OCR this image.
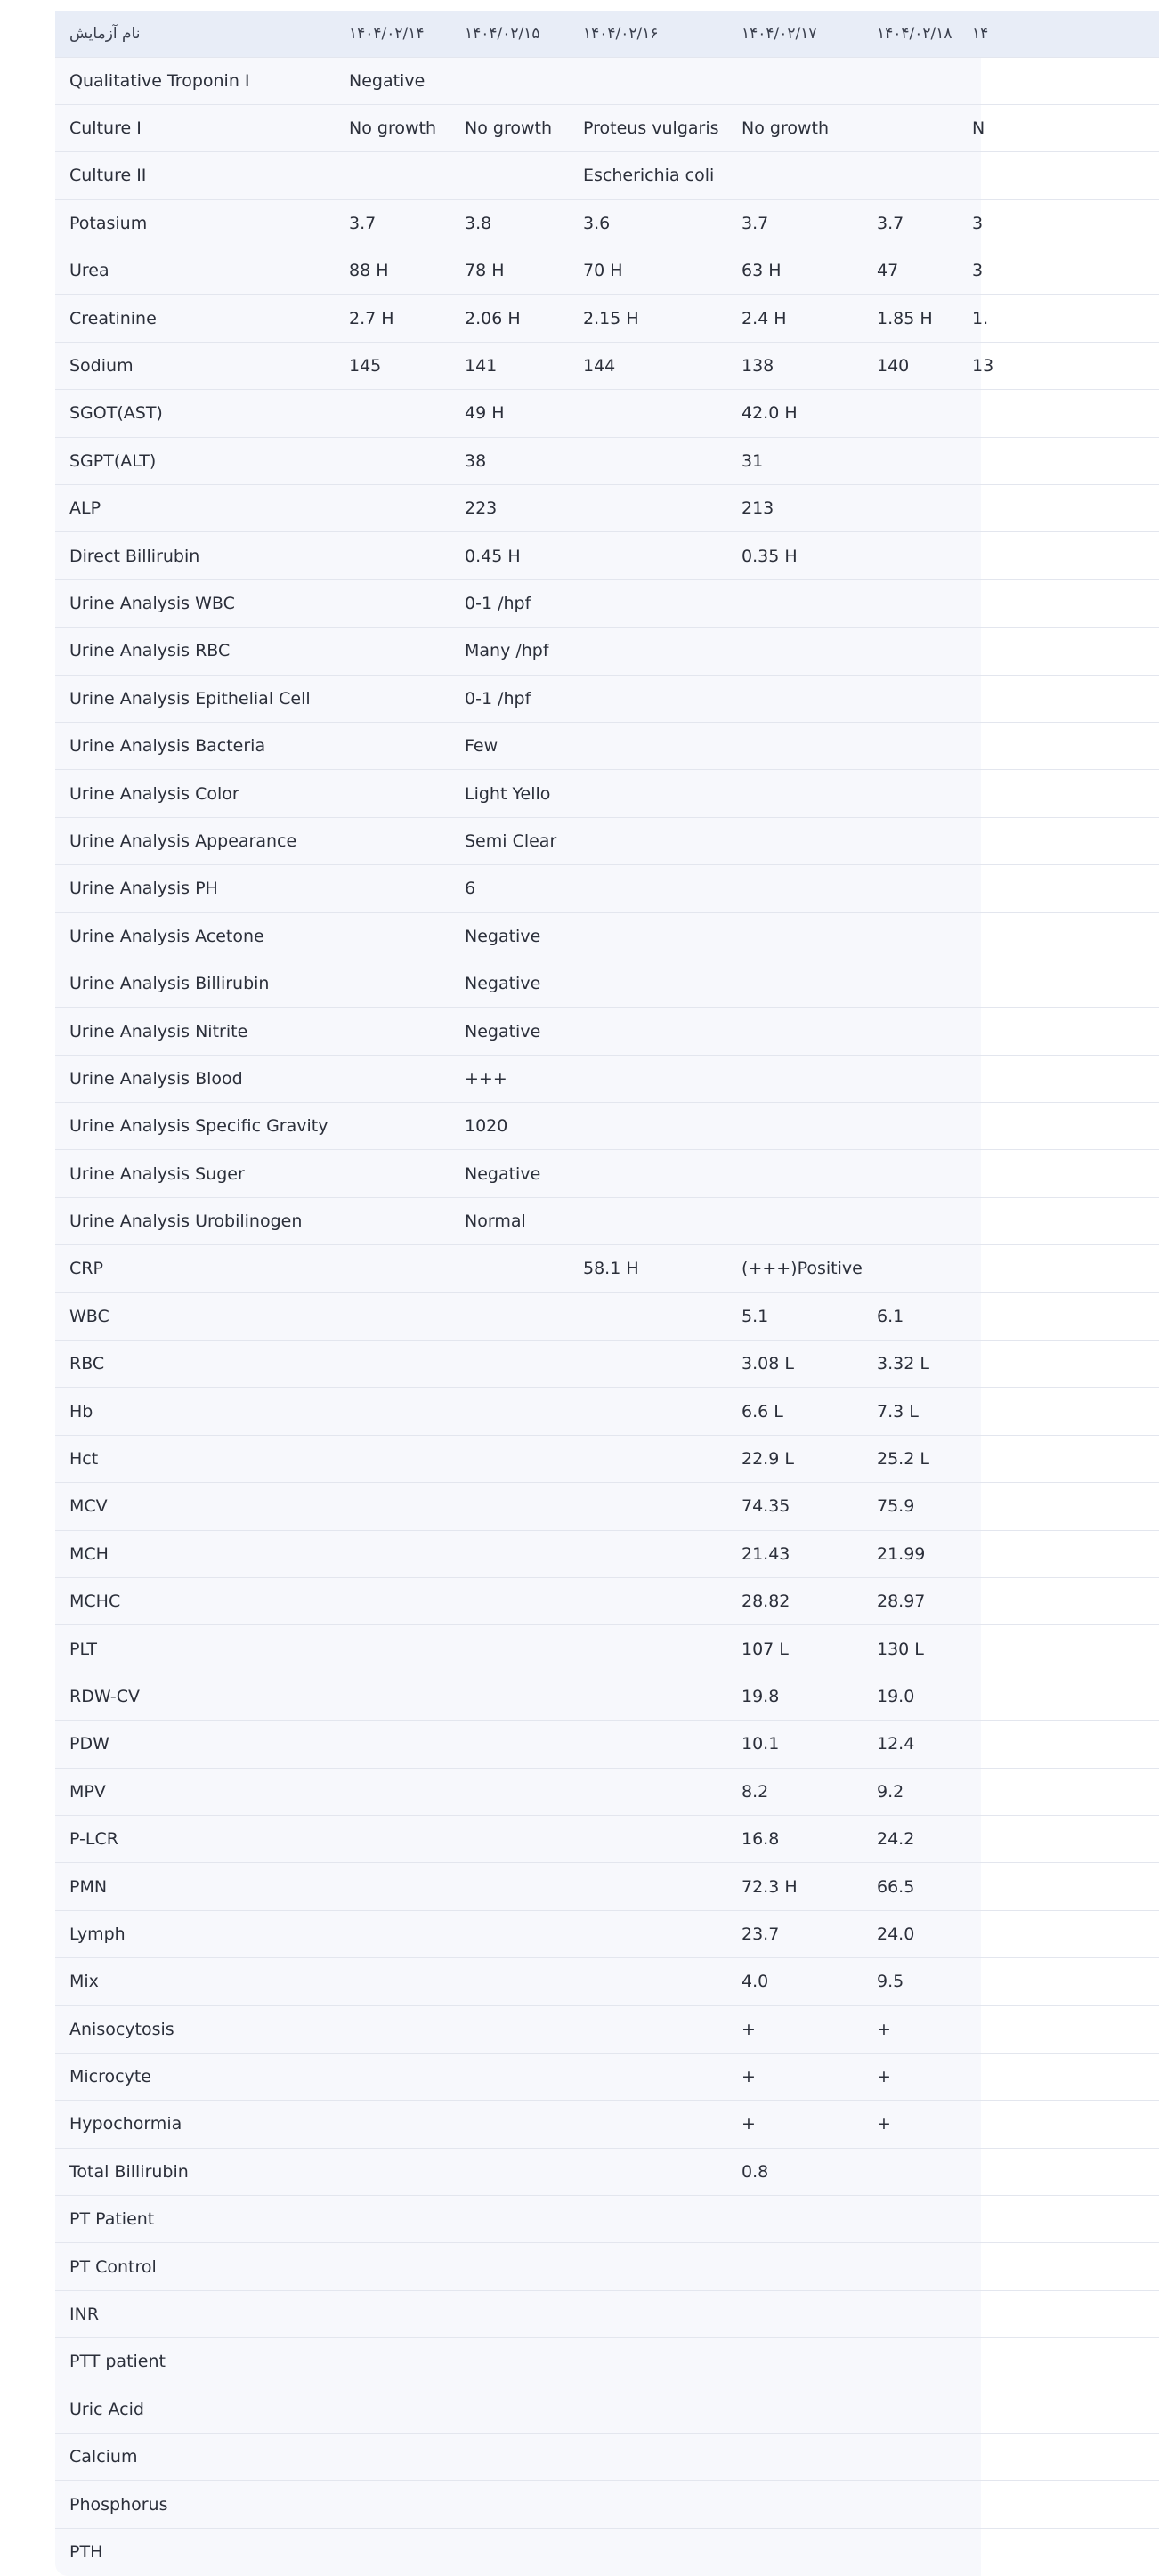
نام آزمایش	۱۴۰۴/۰۲/۱۴	۱۴۰۴/۰۲/۱۵	۱۴۰۴/۰۲/۱۶	۱۴۰۴/۰۲/۱۷	۱۴۰۴/۰۲/۱۸	۱۴
Qualitative Troponin I	Negative					
Culture I	No growth	No growth	Proteus vulgaris	No growth		N
Culture II			Escherichia coli			
Potasium	3.7	3.8	3.6	3.7	3.7	3
Urea	88 H	78 H	70 H	63 H	47	3
Creatinine	2.7 H	2.06 H	2.15 H	2.4 H	1.85 H	1.
Sodium	145	141	144	138	140	13
SGOT(AST)		49 H		42.0 H		
SGPT(ALT)		38		31		
ALP		223		213		
Direct Billirubin		0.45 H		0.35 H		
Urine Analysis WBC		0-1 /hpf				
Urine Analysis RBC		Many /hpf				
Urine Analysis Epithelial Cell		0-1 /hpf				
Urine Analysis Bacteria		Few				
Urine Analysis Color		Light Yello				
Urine Analysis Appearance		Semi Clear				
Urine Analysis PH		6				
Urine Analysis Acetone		Negative				
Urine Analysis Billirubin		Negative				
Urine Analysis Nitrite		Negative				
Urine Analysis Blood		+++				
Urine Analysis Specific Gravity		1020				
Urine Analysis Suger		Negative				
Urine Analysis Urobilinogen		Normal				
CRP			58.1 H	(+++)Positive		
WBC				5.1	6.1	
RBC				3.08 L	3.32 L	
Hb				6.6 L	7.3 L	
Hct				22.9 L	25.2 L	
MCV				74.35	75.9	
MCH				21.43	21.99	
MCHC				28.82	28.97	
PLT				107 L	130 L	
RDW-CV				19.8	19.0	
PDW				10.1	12.4	
MPV				8.2	9.2	
P-LCR				16.8	24.2	
PMN				72.3 H	66.5	
Lymph				23.7	24.0	
Mix				4.0	9.5	
Anisocytosis				+	+	
Microcyte				+	+	
Hypochormia				+	+	
Total Billirubin				0.8		
PT Patient						
PT Control						
INR						
PTT patient						
Uric Acid						
Calcium						
Phosphorus						
PTH						
